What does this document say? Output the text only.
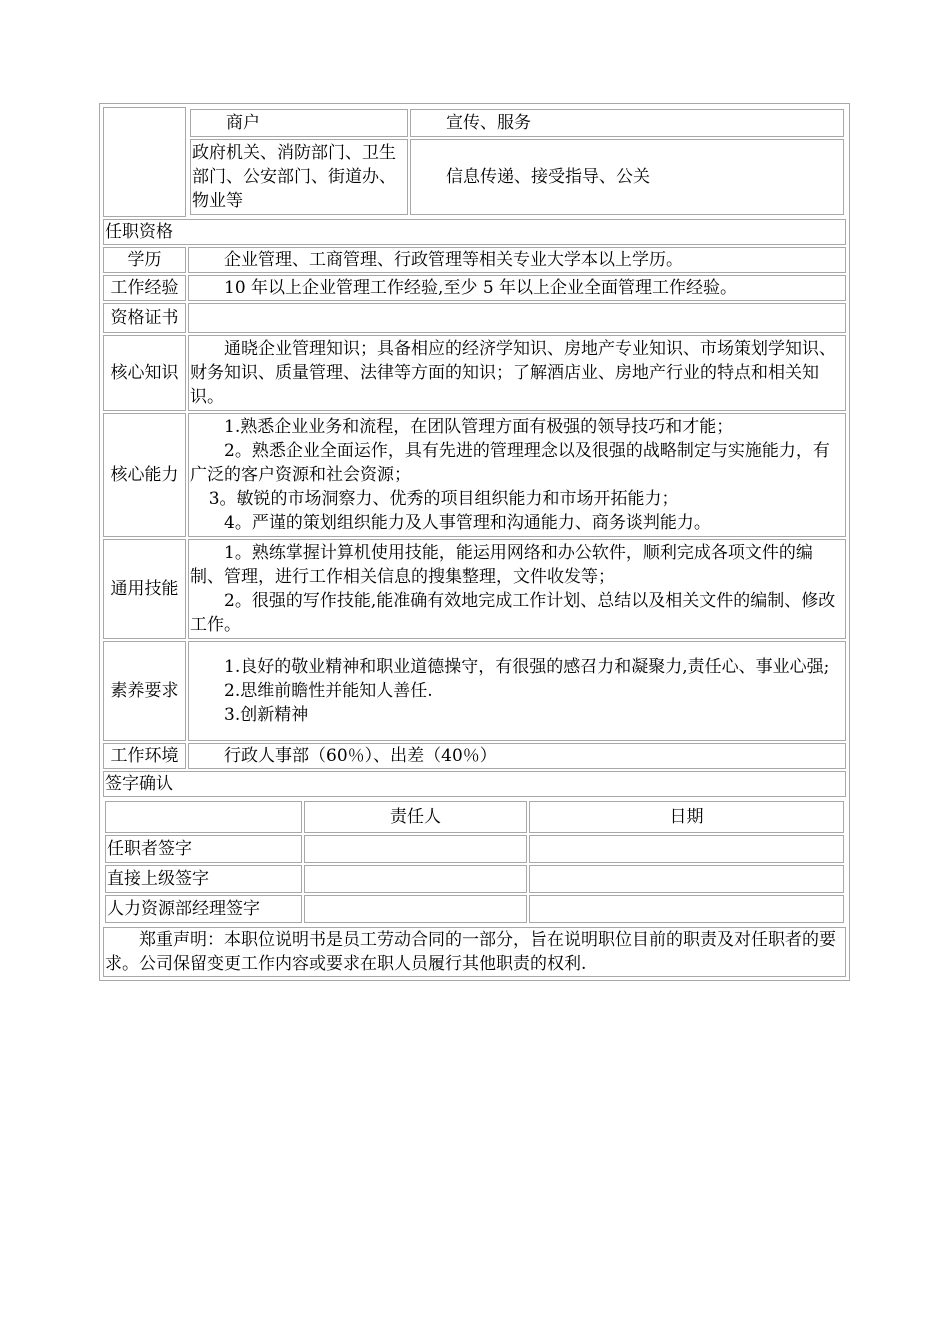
商户	宣传、服务
政府机关、消防部门、卫生部门、公安部门、街道办、物业等	信息传递、接受指导、公关

任职资格
学历	企业管理、工商管理、行政管理等相关专业大学本以上学历。
工作经验	10 年以上企业管理工作经验,至少 5 年以上企业全面管理工作经验。
资格证书	
核心知识	通晓企业管理知识；具备相应的经济学知识、房地产专业知识、市场策划学知识、财务知识、质量管理、法律等方面的知识；了解酒店业、房地产行业的特点和相关知识。
核心能力	
1.熟悉企业业务和流程，在团队管理方面有极强的领导技巧和才能；
2。熟悉企业全面运作，具有先进的管理理念以及很强的战略制定与实施能力，有广泛的客户资源和社会资源；
3。敏锐的市场洞察力、优秀的项目组织能力和市场开拓能力；
4。严谨的策划组织能力及人事管理和沟通能力、商务谈判能力。

通用技能	
1。熟练掌握计算机使用技能，能运用网络和办公软件，顺利完成各项文件的编制、管理，进行工作相关信息的搜集整理，文件收发等；
2。很强的写作技能,能准确有效地完成工作计划、总结以及相关文件的编制、修改工作。

素养要求	
1.良好的敬业精神和职业道德操守，有很强的感召力和凝聚力,责任心、事业心强;
2.思维前瞻性并能知人善任.
3.创新精神

工作环境	行政人事部（60％）、出差（40％）
签字确认

	责任人	日期
任职者签字		
直接上级签字		
人力资源部经理签字		

郑重声明：本职位说明书是员工劳动合同的一部分，旨在说明职位目前的职责及对任职者的要求。公司保留变更工作内容或要求在职人员履行其他职责的权利.
